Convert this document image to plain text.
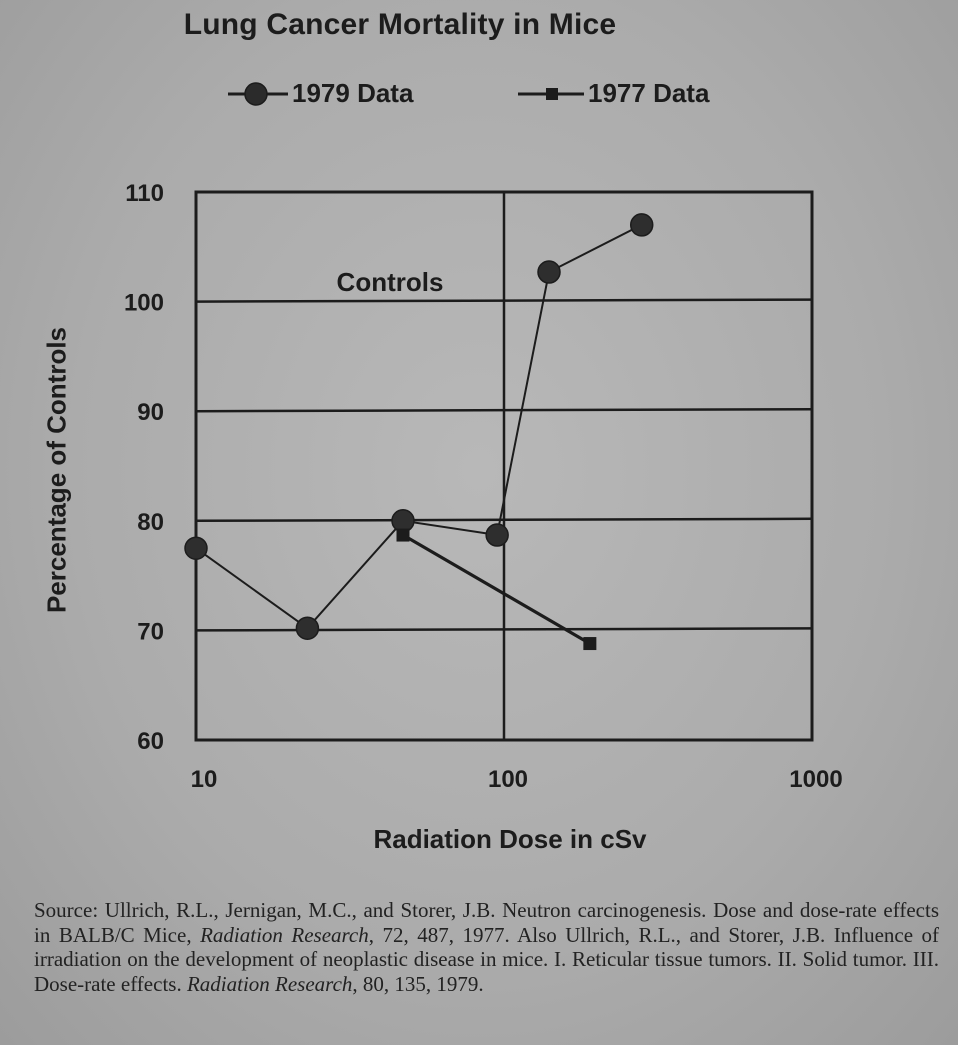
Lung Cancer Mortality in Mice
1979 Data	1977 Data
60
70
80
90
100
110
10	100	1000
Controls
Percentage of Controls
Radiation Dose in cSv
Source: Ullrich, R.L., Jernigan, M.C., and Storer, J.B. Neutron carcinogenesis. Dose and dose-rate effects in BALB/C Mice, Radiation Research, 72, 487, 1977. Also Ullrich, R.L., and Storer, J.B. Influence of irradiation on the development of neoplastic disease in mice. I. Reticular tissue tumors. II. Solid tumor. III. Dose-rate effects. Radiation Research, 80, 135, 1979.
